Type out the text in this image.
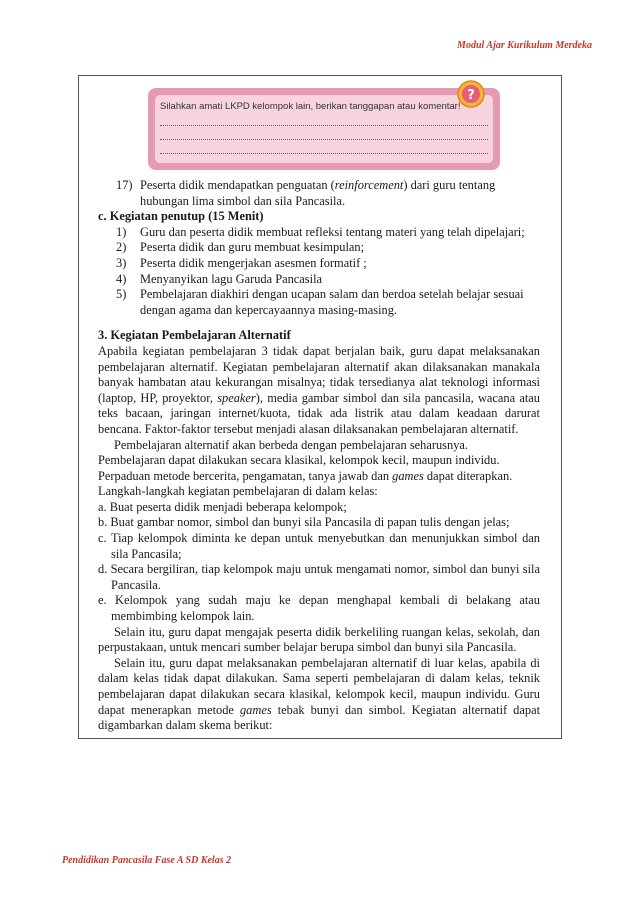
Modul Ajar Kurikulum Merdeka
Silahkan amati LKPD kelompok lain, berikan tanggapan atau komentar!
?
17) Peserta didik mendapatkan penguatan (reinforcement) dari guru tentang hubungan lima simbol dan sila Pancasila.

c. Kegiatan penutup (15 Menit)

1)	Guru dan peserta didik membuat refleksi tentang materi yang telah dipelajari;
2)	Peserta didik dan guru membuat kesimpulan;
3)	Peserta didik mengerjakan asesmen formatif ;
4)	Menyanyikan lagu Garuda Pancasila
5)	Pembelajaran diakhiri dengan ucapan salam dan berdoa setelah belajar sesuai dengan agama dan kepercayaannya masing-masing.

3. Kegiatan Pembelajaran Alternatif

Apabila kegiatan pembelajaran 3 tidak dapat berjalan baik, guru dapat melaksanakan pembelajaran alternatif. Kegiatan pembelajaran alternatif akan dilaksanakan manakala banyak hambatan atau kekurangan misalnya; tidak tersedianya alat teknologi informasi (laptop, HP, proyektor, speaker), media gambar simbol dan sila pancasila, wacana atau teks bacaan, jaringan internet/kuota, tidak ada listrik atau dalam keadaan darurat bencana. Faktor-faktor tersebut menjadi alasan dilaksanakan pembelajaran alternatif.

Pembelajaran alternatif akan berbeda dengan pembelajaran seharusnya.

Pembelajaran dapat dilakukan secara klasikal, kelompok kecil, maupun individu.

Perpaduan metode bercerita, pengamatan, tanya jawab dan games dapat diterapkan.

Langkah-langkah kegiatan pembelajaran di dalam kelas:

a. Buat peserta didik menjadi beberapa kelompok;

b. Buat gambar nomor, simbol dan bunyi sila Pancasila di papan tulis dengan jelas;

c. Tiap kelompok diminta ke depan untuk menyebutkan dan menunjukkan simbol dan sila Pancasila;

d. Secara bergiliran, tiap kelompok maju untuk mengamati nomor, simbol dan bunyi sila Pancasila.

e. Kelompok yang sudah maju ke depan menghapal kembali di belakang atau membimbing kelompok lain.

Selain itu, guru dapat mengajak peserta didik berkeliling ruangan kelas, sekolah, dan perpustakaan, untuk mencari sumber belajar berupa simbol dan bunyi sila Pancasila.

Selain itu, guru dapat melaksanakan pembelajaran alternatif di luar kelas, apabila di dalam kelas tidak dapat dilakukan. Sama seperti pembelajaran di dalam kelas, teknik pembelajaran dapat dilakukan secara klasikal, kelompok kecil, maupun individu. Guru dapat menerapkan metode games tebak bunyi dan simbol. Kegiatan alternatif dapat digambarkan dalam skema berikut:

Pendidikan Pancasila Fase A SD Kelas 2
